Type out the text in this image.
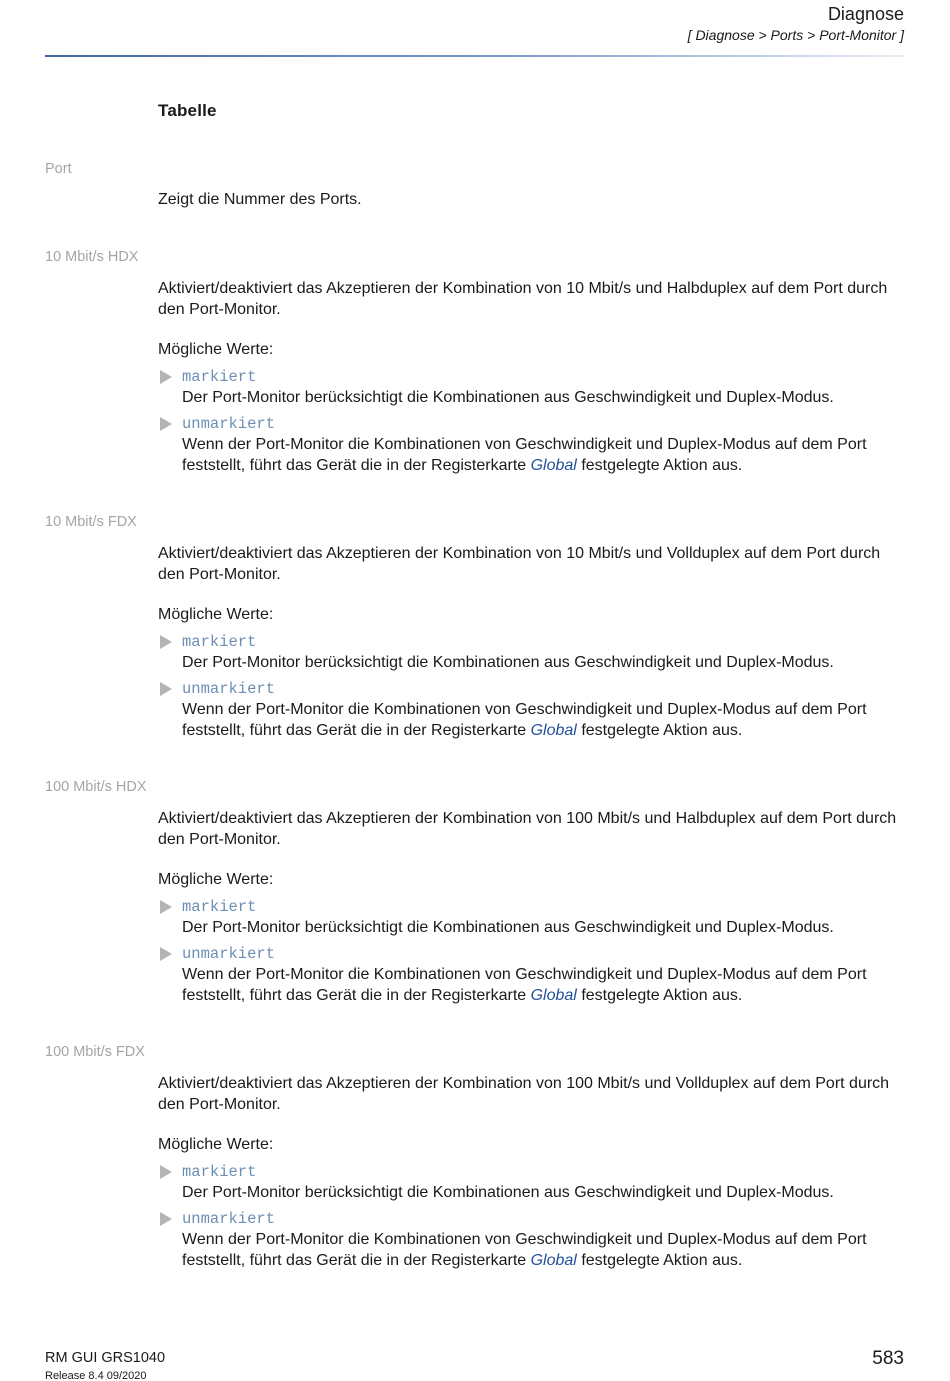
Diagnose
[ Diagnose > Ports > Port-Monitor ]
Tabelle
Port
Zeigt die Nummer des Ports.
10 Mbit/s HDX
Aktiviert/deaktiviert das Akzeptieren der Kombination von 10 Mbit/s und Halbduplex auf dem Port durch den Port-Monitor.
Mögliche Werte:
markiert
Der Port-Monitor berücksichtigt die Kombinationen aus Geschwindigkeit und Duplex-Modus.
unmarkiert
Wenn der Port-Monitor die Kombinationen von Geschwindigkeit und Duplex-Modus auf dem Port feststellt, führt das Gerät die in der Registerkarte Global festgelegte Aktion aus.
10 Mbit/s FDX
Aktiviert/deaktiviert das Akzeptieren der Kombination von 10 Mbit/s und Vollduplex auf dem Port durch den Port-Monitor.
Mögliche Werte:
markiert
Der Port-Monitor berücksichtigt die Kombinationen aus Geschwindigkeit und Duplex-Modus.
unmarkiert
Wenn der Port-Monitor die Kombinationen von Geschwindigkeit und Duplex-Modus auf dem Port feststellt, führt das Gerät die in der Registerkarte Global festgelegte Aktion aus.
100 Mbit/s HDX
Aktiviert/deaktiviert das Akzeptieren der Kombination von 100 Mbit/s und Halbduplex auf dem Port durch den Port-Monitor.
Mögliche Werte:
markiert
Der Port-Monitor berücksichtigt die Kombinationen aus Geschwindigkeit und Duplex-Modus.
unmarkiert
Wenn der Port-Monitor die Kombinationen von Geschwindigkeit und Duplex-Modus auf dem Port feststellt, führt das Gerät die in der Registerkarte Global festgelegte Aktion aus.
100 Mbit/s FDX
Aktiviert/deaktiviert das Akzeptieren der Kombination von 100 Mbit/s und Vollduplex auf dem Port durch den Port-Monitor.
Mögliche Werte:
markiert
Der Port-Monitor berücksichtigt die Kombinationen aus Geschwindigkeit und Duplex-Modus.
unmarkiert
Wenn der Port-Monitor die Kombinationen von Geschwindigkeit und Duplex-Modus auf dem Port feststellt, führt das Gerät die in der Registerkarte Global festgelegte Aktion aus.
RM GUI GRS1040
Release 8.4 09/2020
583
